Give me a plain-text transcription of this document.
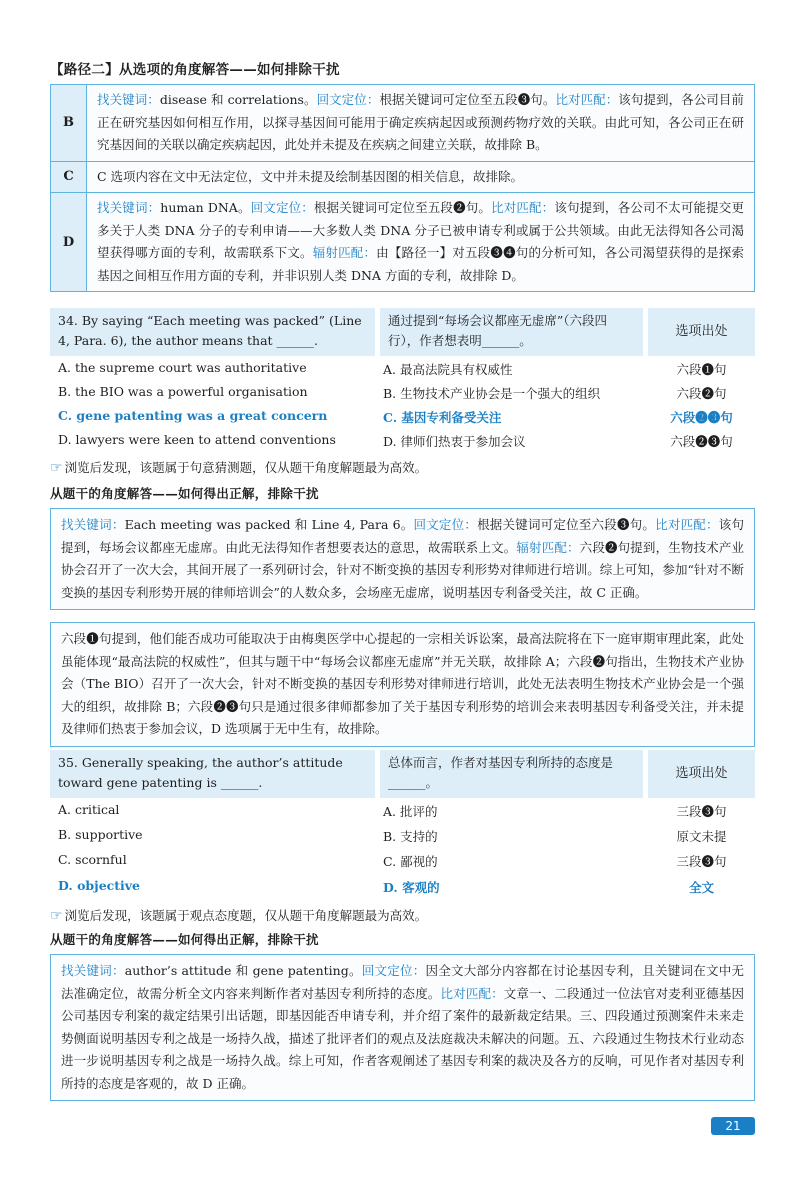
【路径二】从选项的角度解答——如何排除干扰
B	找关键词：disease 和 correlations。回文定位：根据关键词可定位至五段❸句。比对匹配：该句提到，各公司目前正在研究基因如何相互作用，以探寻基因间可能用于确定疾病起因或预测药物疗效的关联。由此可知，各公司正在研究基因间的关联以确定疾病起因，此处并未提及在疾病之间建立关联，故排除 B。
C	C 选项内容在文中无法定位，文中并未提及绘制基因图的相关信息，故排除。
D	找关键词：human DNA。回文定位：根据关键词可定位至五段❷句。比对匹配：该句提到，各公司不太可能提交更多关于人类 DNA 分子的专利申请——大多数人类 DNA 分子已被申请专利或属于公共领域。由此无法得知各公司渴望获得哪方面的专利，故需联系下文。辐射匹配：由【路径一】对五段❸❹句的分析可知，各公司渴望获得的是探索基因之间相互作用方面的专利，并非识别人类 DNA 方面的专利，故排除 D。
34. By saying “Each meeting was packed” (Line 4, Para. 6), the author means that ______.
通过提到“每场会议都座无虚席”（六段四行），作者想表明______。
选项出处
A. the supreme court was authoritative	A. 最高法院具有权威性	六段❶句
B. the BIO was a powerful organisation	B. 生物技术产业协会是一个强大的组织	六段❷句
C. gene patenting was a great concern	C. 基因专利备受关注	六段❷❸句
D. lawyers were keen to attend conventions	D. 律师们热衷于参加会议	六段❷❸句
☞ 浏览后发现，该题属于句意猜测题，仅从题干角度解题最为高效。
从题干的角度解答——如何得出正解，排除干扰
找关键词：Each meeting was packed 和 Line 4, Para 6。回文定位：根据关键词可定位至六段❸句。比对匹配：该句提到，每场会议都座无虚席。由此无法得知作者想要表达的意思，故需联系上文。辐射匹配：六段❷句提到，生物技术产业协会召开了一次大会，其间开展了一系列研讨会，针对不断变换的基因专利形势对律师进行培训。综上可知，参加“针对不断变换的基因专利形势开展的律师培训会”的人数众多，会场座无虚席，说明基因专利备受关注，故 C 正确。
六段❶句提到，他们能否成功可能取决于由梅奥医学中心提起的一宗相关诉讼案，最高法院将在下一庭审期审理此案，此处虽能体现“最高法院的权威性”，但其与题干中“每场会议都座无虚席”并无关联，故排除 A；六段❷句指出，生物技术产业协会（The BIO）召开了一次大会，针对不断变换的基因专利形势对律师进行培训，此处无法表明生物技术产业协会是一个强大的组织，故排除 B；六段❷❸句只是通过很多律师都参加了关于基因专利形势的培训会来表明基因专利备受关注，并未提及律师们热衷于参加会议，D 选项属于无中生有，故排除。
35. Generally speaking, the author’s attitude toward gene patenting is ______.
总体而言，作者对基因专利所持的态度是______。
选项出处
A. critical	A. 批评的	三段❸句
B. supportive	B. 支持的	原文未提
C. scornful	C. 鄙视的	三段❸句
D. objective	D. 客观的	全文
☞ 浏览后发现，该题属于观点态度题，仅从题干角度解题最为高效。
从题干的角度解答——如何得出正解，排除干扰
找关键词：author’s attitude 和 gene patenting。回文定位：因全文大部分内容都在讨论基因专利，且关键词在文中无法准确定位，故需分析全文内容来判断作者对基因专利所持的态度。比对匹配：文章一、二段通过一位法官对麦利亚德基因公司基因专利案的裁定结果引出话题，即基因能否申请专利，并介绍了案件的最新裁定结果。三、四段通过预测案件未来走势侧面说明基因专利之战是一场持久战，描述了批评者们的观点及法庭裁决未解决的问题。五、六段通过生物技术行业动态进一步说明基因专利之战是一场持久战。综上可知，作者客观阐述了基因专利案的裁决及各方的反响，可见作者对基因专利所持的态度是客观的，故 D 正确。
21
